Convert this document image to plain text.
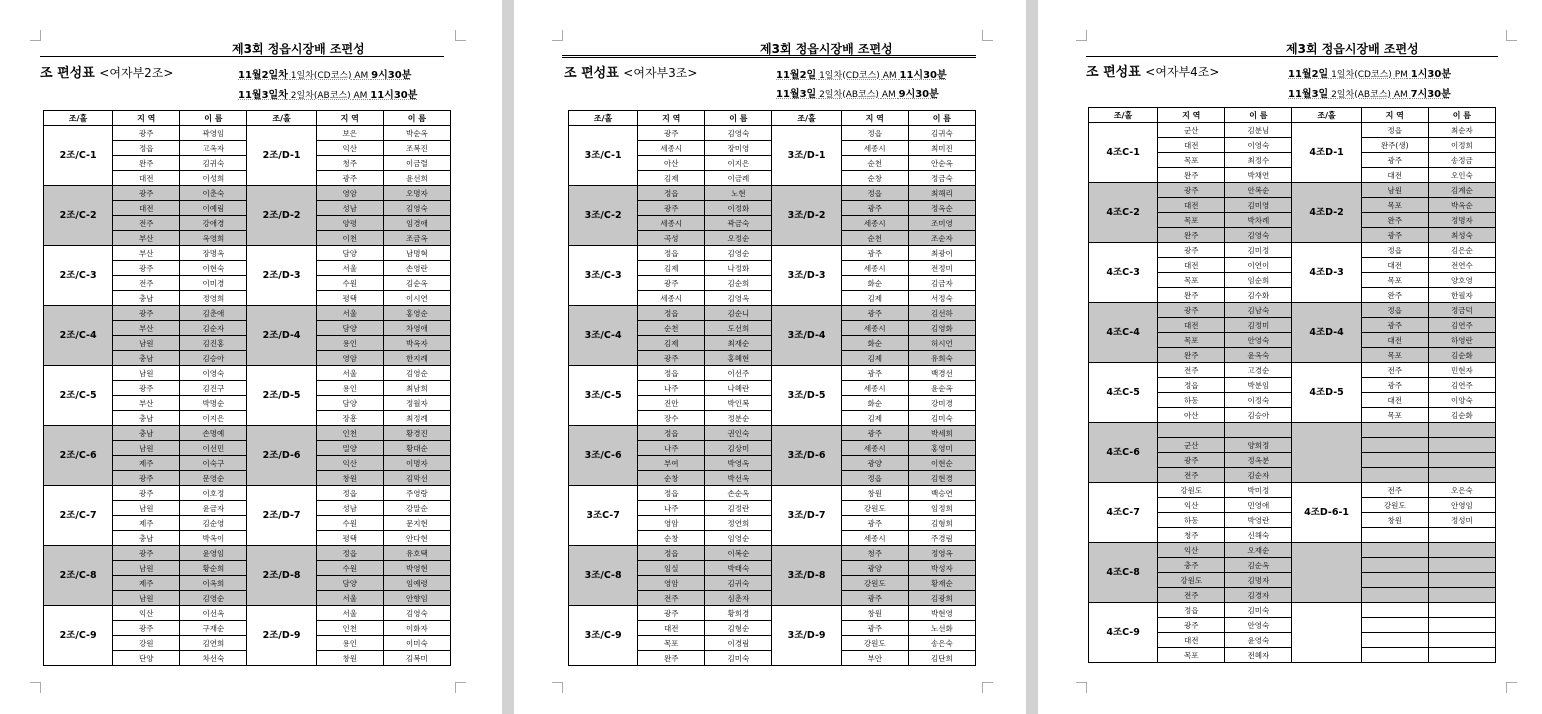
제3회 정읍시장배 조편성
조 편성표 <여자부2조>	11월2일차 1일차(CD코스) AM 9시30분
11월3일차 2일차(AB코스) AM 11시30분
조/홀	지 역	이 름	조/홀	지 역	이 름
2조/C-1	광주	곽영임	2조/D-1	보은	박순옥
	정읍	고옥자		익산	조복진
	완주	김귀숙		청주	이금렬
	대전	이성희		광주	윤선희
2조/C-2	광주	이춘숙	2조/D-2	영암	오명자
	대전	이예림		성남	김영숙
	전주	강애경		양평	임경애
	부산	옥영희		이천	조금옥
2조/C-3	부산	장명옥	2조/D-3	담양	남명혁
	광주	이현숙		서울	손영란
	전주	이미경		수원	김순옥
	충남	정영희		평택	이시연
2조/C-4	광주	김춘애	2조/D-4	서울	홍영순
	부산	김순자		담양	차영애
	남원	김진홍		용인	박옥자
	충남	김승아		영암	한지례
2조/C-5	남원	이영숙	2조/D-5	서울	김영순
	광주	김진구		용인	최남희
	부산	박명순		담양	정월자
	충남	이지은		장흥	최정례
2조/C-6	충남	손명예	2조/D-6	인천	황경진
	남원	이선민		밀양	황대순
	제주	이숙구		익산	이명자
	광주	문영순		창원	김막선
2조/C-7	광주	이호정	2조/D-7	정읍	주영랑
	남원	윤금자		성남	강말순
	제주	김순영		수원	문지현
	충남	박옥이		평택	안다현
2조/C-8	광주	윤영임	2조/D-8	정읍	유호택
	남원	황순희		수원	박영현
	제주	이옥희		담양	임예령
	남원	김영순		서울	안향임
2조/C-9	익산	이선옥	2조/D-9	서울	김영숙
	광주	구재순		인천	이화자
	강원	김연희		용인	이미숙
	단양	차선숙		창원	김복미
제3회 정읍시장배 조편성
조 편성표 <여자부3조>	11월2일 1일차(CD코스) AM 11시30분
11월3일 2일차(AB코스) AM 9시30분
조/홀	지 역	이 름	조/홀	지 역	이 름
3조/C-1	광주	김영숙	3조/D-1	정읍	김귀숙
	세종시	장미영		세종시	최미진
	아산	이지은		순천	안순옥
	김제	이금례		순창	정금숙
3조/C-2	정읍	노현	3조/D-2	정읍	최해리
	광주	이정화		광주	정옥순
	세종시	곽금숙		세종시	조미영
	곡성	오정순		순천	조순자
3조/C-3	정읍	김영순	3조/D-3	광주	최광이
	김제	나정화		세종시	전정미
	광주	김순희		화순	김금자
	세종시	김영옥		김제	서정숙
3조/C-4	정읍	김순니	3조/D-4	광주	김선하
	순천	도선희		세종시	김영화
	김제	최재순		화순	허시언
	광주	홍혜현		김제	유희숙
3조/C-5	정읍	이선주	3조/D-5	광주	백경선
	나주	나혜란		세종시	윤순옥
	진안	박인복		화순	강미경
	장수	정분순		김제	김미숙
3조/C-6	정읍	권인숙	3조/D-6	광주	박세희
	나주	김상미		세종시	홍영미
	부여	박영옥		광양	이현순
	순창	박선옥		정읍	김현경
3조C-7	정읍	손순옥	3조/D-7	창원	백승연
	나주	김정란		강원도	임정희
	영암	정연희		광주	김형희
	순창	임영순		세종시	주경림
3조/C-8	정읍	이복순	3조/D-8	청주	정영옥
	임실	박태숙		광양	박성자
	영암	김귀숙		강원도	황재순
	전주	심춘자		광주	김광희
3조/C-9	광주	황희경	3조/D-9	창원	박현영
	대전	김형순		광주	노선화
	목포	이경림		강원도	송은숙
	완주	김미숙		부안	김단희
제3회 정읍시장배 조편성
조 편성표 <여자부4조>	11월2일 1일차(CD코스) PM 1시30분
11월3일 2일차(AB코스) AM 7시30분
조/홀	지 역	이 름	조/홀	지 역	이 름
4조C-1	군산	김분님	4조D-1	정읍	최순자
	대전	이영숙		완주(생)	이정희
	목포	최정수		광주	송정금
	완주	박채연		대전	오인숙
4조C-2	광주	안복순	4조D-2	남원	김계순
	대전	김미영		목포	박옥순
	목포	박차례		완주	정명자
	완주	김영숙		광주	최성숙
4조C-3	광주	김미정	4조D-3	정읍	김은순
	대전	이연이		대전	전연수
	목포	임순희		목포	양호영
	완주	김수화		완주	한필자
4조C-4	광주	김남숙	4조D-4	정읍	정금덕
	대전	김정미		광주	김연주
	목포	안영숙		대전	하영란
	완주	윤옥숙		목포	김순화
4조C-5	전주	고경순	4조D-5	전주	민현자
	정읍	박분임		광주	김연주
	하동	이정숙		대전	이양숙
	아산	김승아		목포	김순화
4조C-6					
	군산	양희정			
	광주	정옥분			
	전주	김순자			
4조C-7	강원도	박미정	4조D-6-1	전주	오은숙
	익산	민영애		강원도	안영임
	하동	박영란		창원	정성미
	청주	신해숙			
4조C-8	익산	오재순			
	충주	김순옥			
	강원도	김명자			
	전주	김경자			
4조C-9	정읍	김미숙			
	광주	안영숙			
	대전	윤영숙			
	목포	전혜자			
